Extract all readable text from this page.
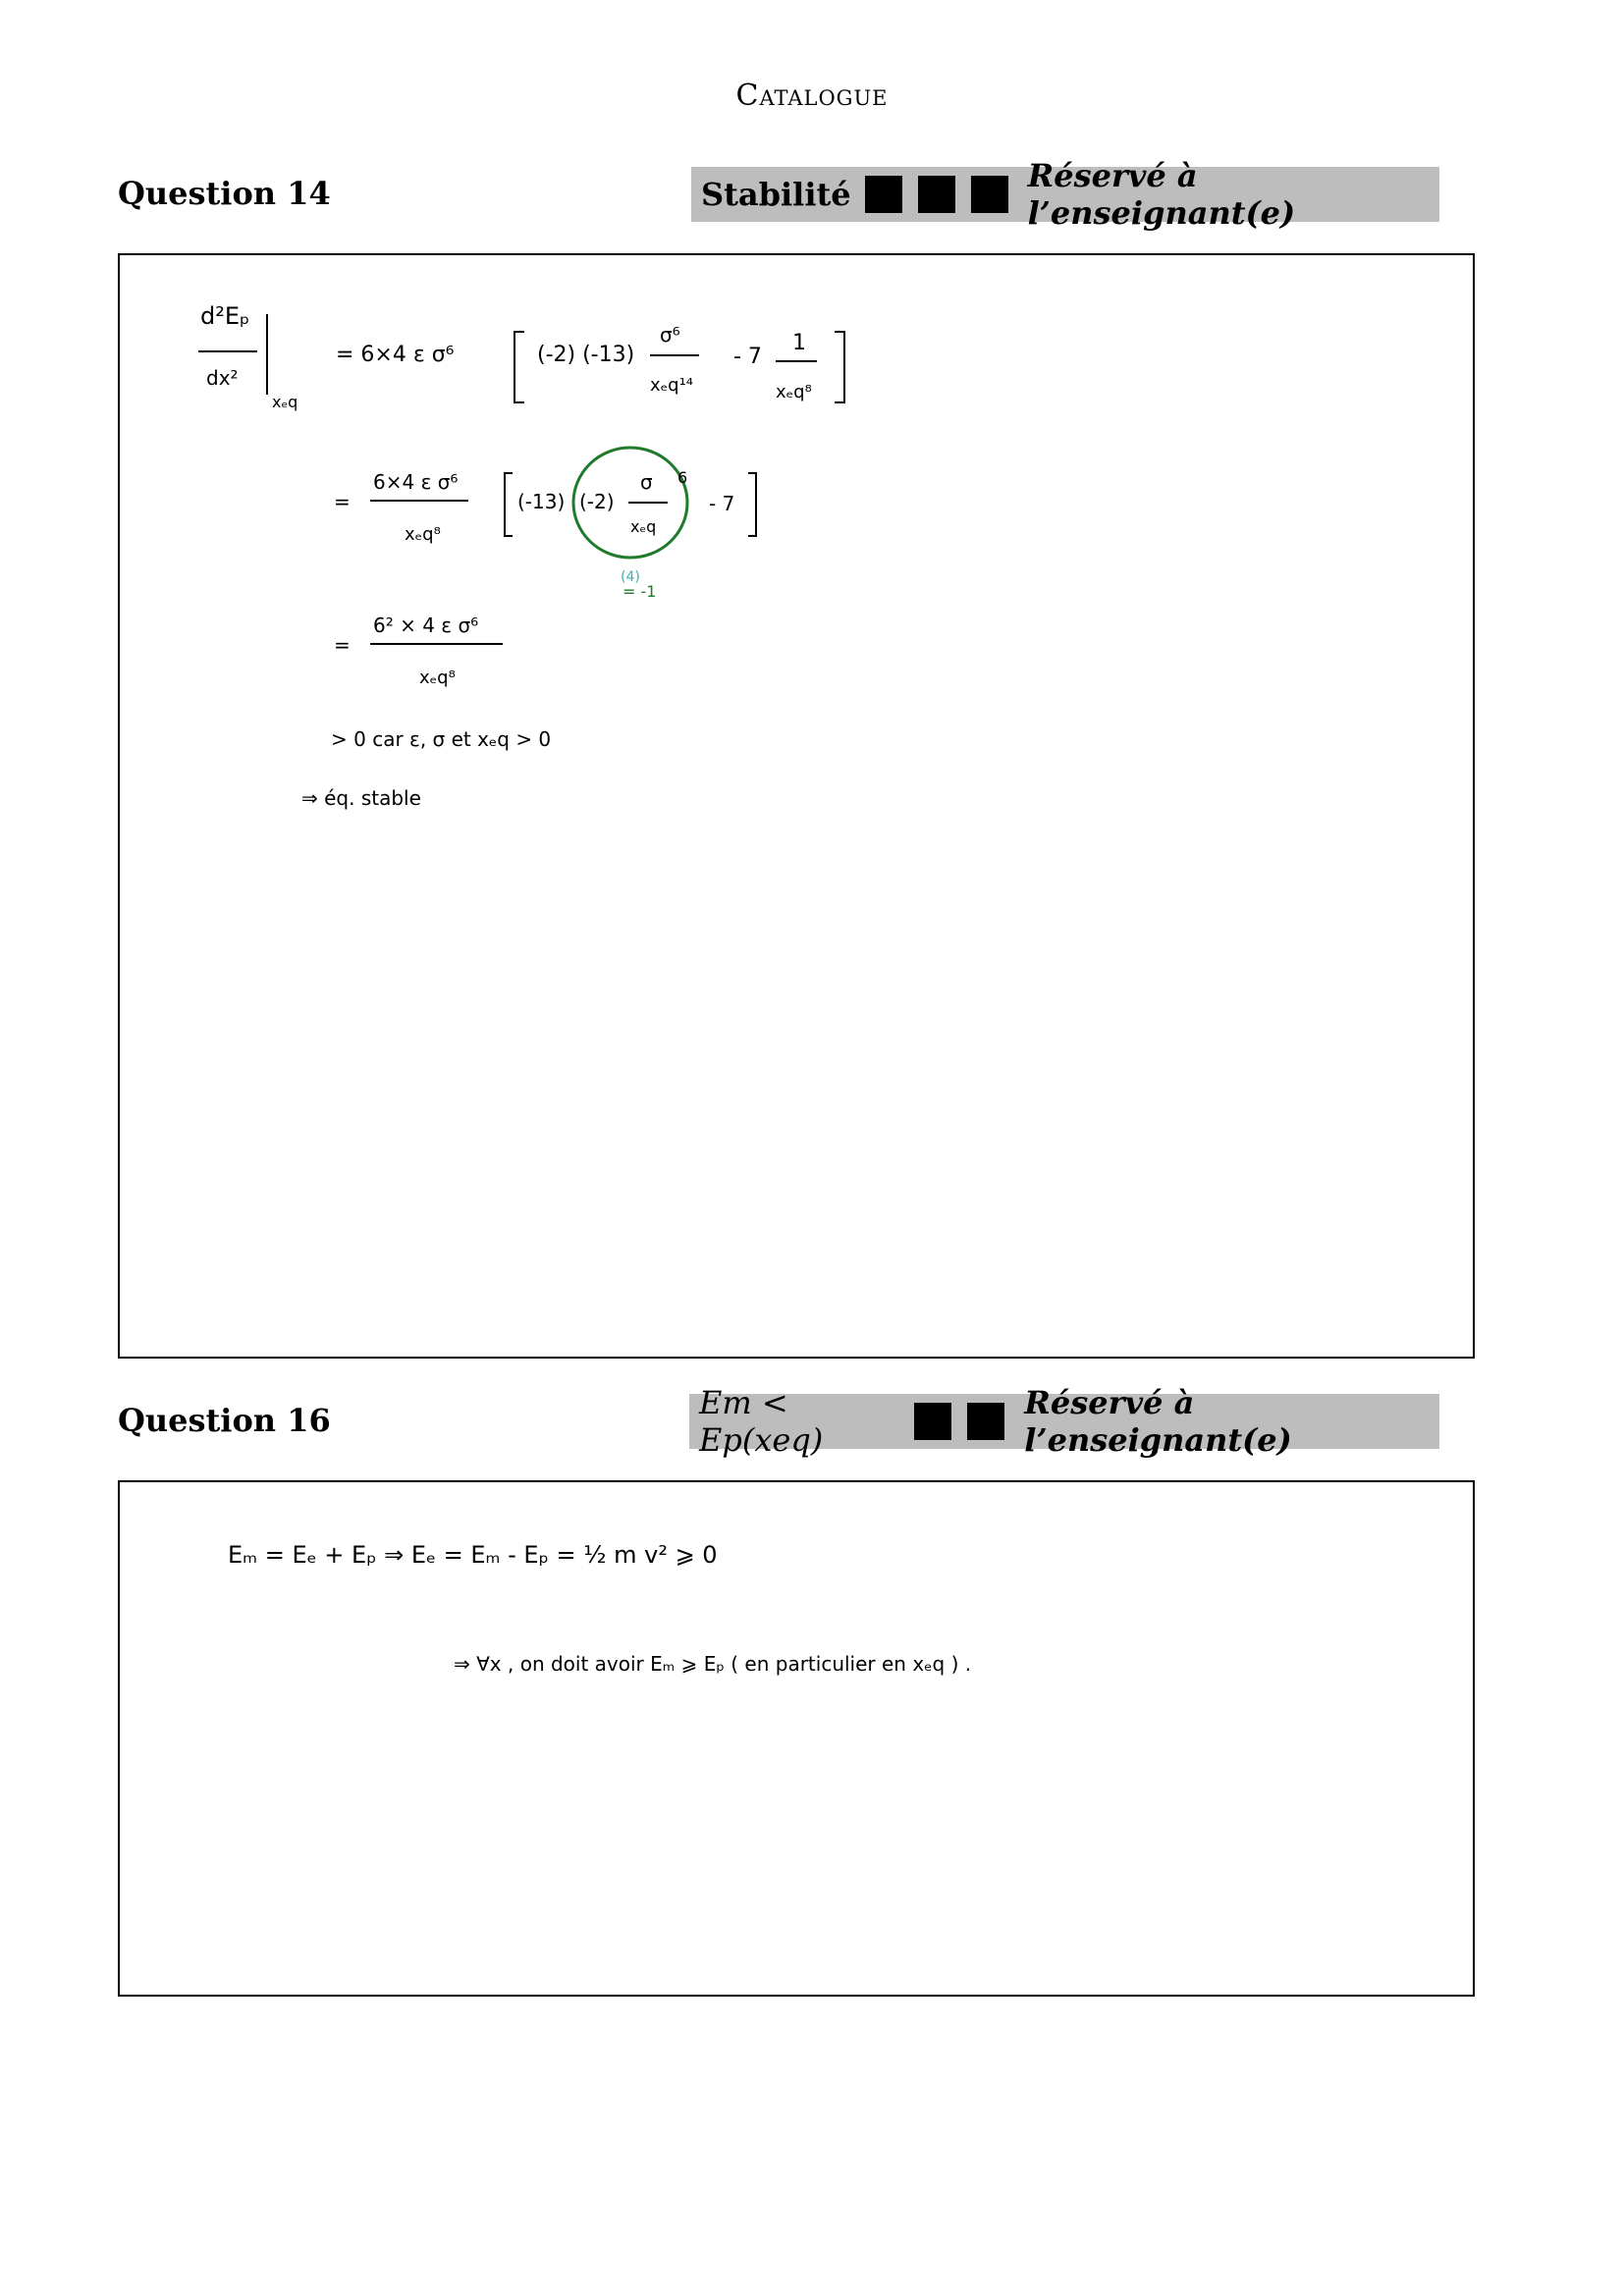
Catalogue
Question 14	Stabilité	Réservé à l’enseignant(e)
d²Eₚ
dx²
xₑq
= 6×4 ε σ⁶	(-2) (-13)
σ⁶
xₑq¹⁴
- 7
1
xₑq⁸
=
6×4 ε σ⁶
xₑq⁸
(-13) (-2)
σ
xₑq
6
- 7
(4)
= -1
=
6² × 4 ε σ⁶
xₑq⁸
> 0 car ε, σ et xₑq > 0
⇒ éq. stable
Question 16	Em < Ep(xeq)
Réservé à l’enseignant(e)
Eₘ = Eₑ + Eₚ ⇒ Eₑ = Eₘ - Eₚ = ½ m v² ⩾ 0
⇒ ∀x , on doit avoir Eₘ ⩾ Eₚ ( en particulier en xₑq ) .
